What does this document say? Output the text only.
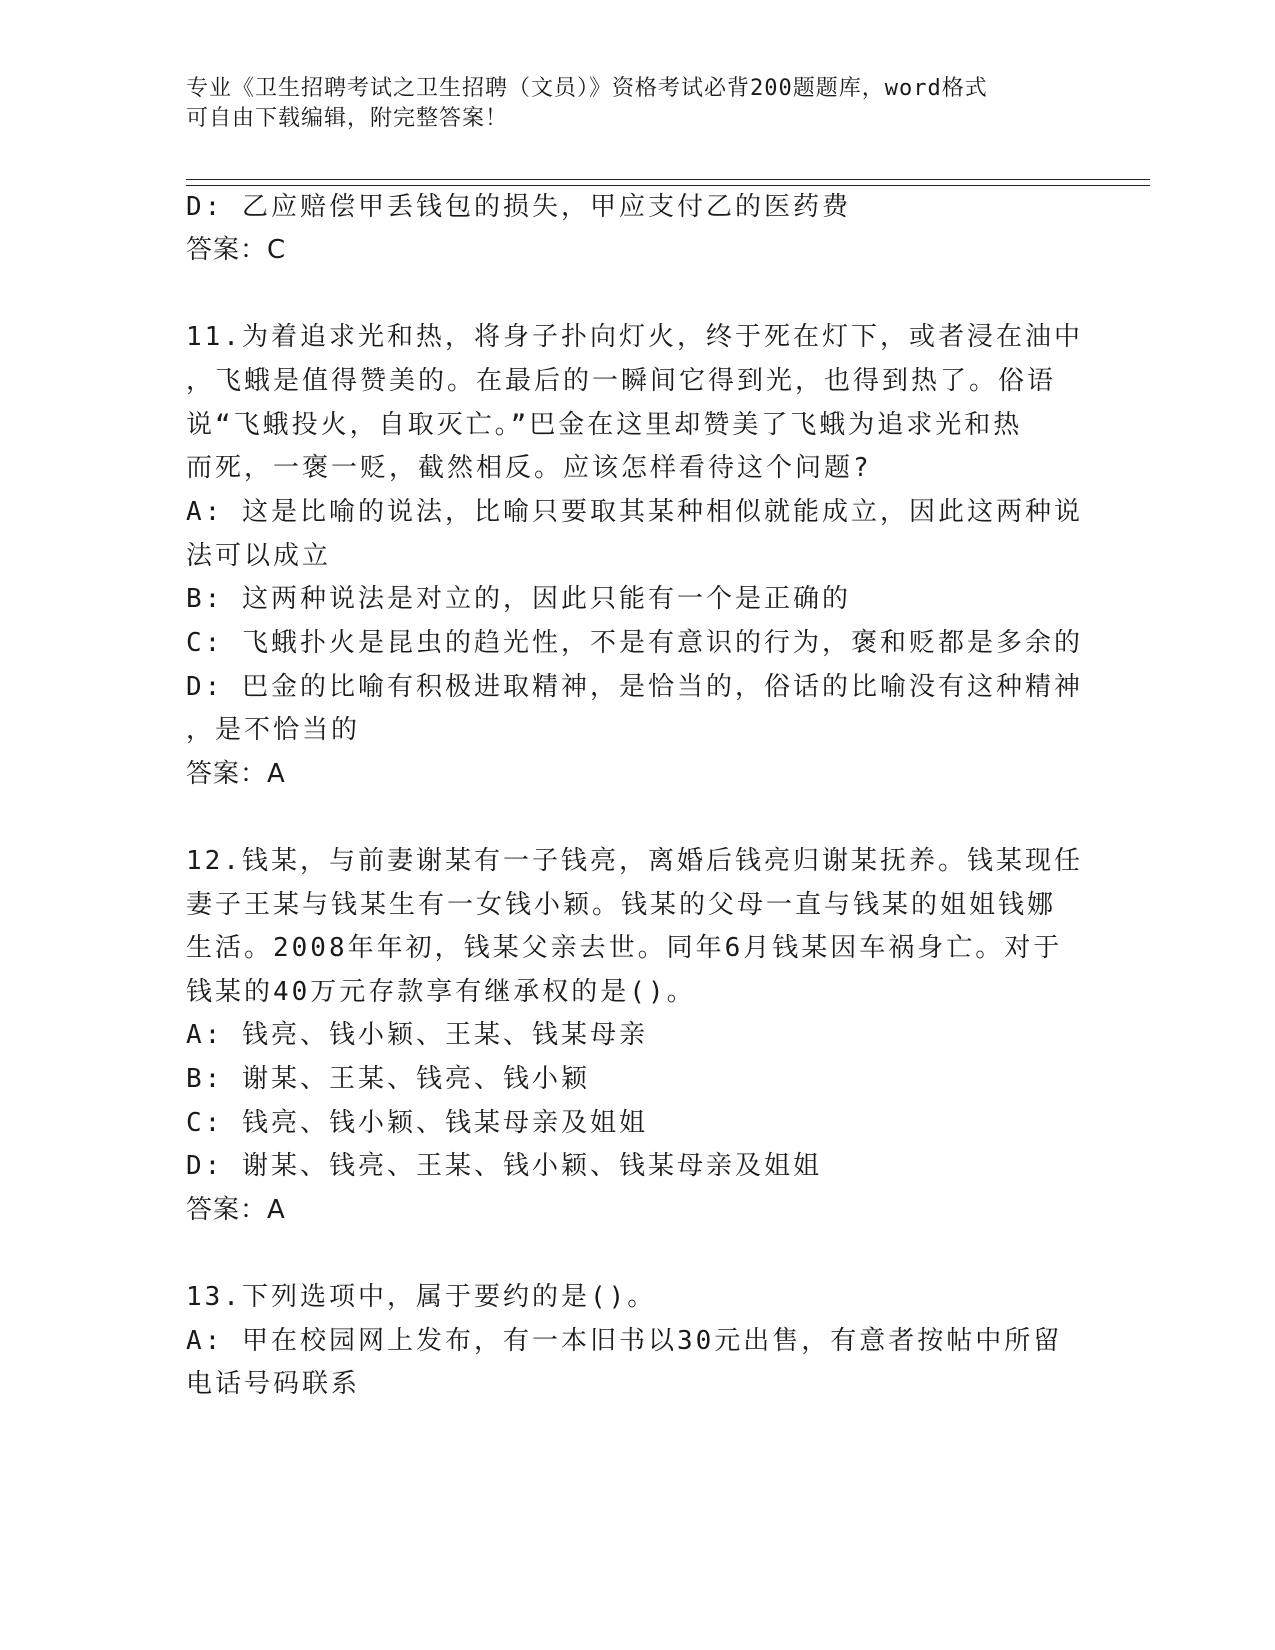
专业《卫生招聘考试之卫生招聘（文员）》资格考试必背200题题库，word格式
可自由下载编辑，附完整答案！
D: 乙应赔偿甲丢钱包的损失，甲应支付乙的医药费
答案：C
11.为着追求光和热，将身子扑向灯火，终于死在灯下，或者浸在油中
，飞蛾是值得赞美的。在最后的一瞬间它得到光，也得到热了。俗语
说“飞蛾投火，自取灭亡。”巴金在这里却赞美了飞蛾为追求光和热
而死，一褒一贬，截然相反。应该怎样看待这个问题?
A: 这是比喻的说法，比喻只要取其某种相似就能成立，因此这两种说
法可以成立
B: 这两种说法是对立的，因此只能有一个是正确的
C: 飞蛾扑火是昆虫的趋光性，不是有意识的行为，褒和贬都是多余的
D: 巴金的比喻有积极进取精神，是恰当的，俗话的比喻没有这种精神
，是不恰当的
答案：A
12.钱某，与前妻谢某有一子钱亮，离婚后钱亮归谢某抚养。钱某现任
妻子王某与钱某生有一女钱小颖。钱某的父母一直与钱某的姐姐钱娜
生活。2008年年初，钱某父亲去世。同年6月钱某因车祸身亡。对于
钱某的40万元存款享有继承权的是()。
A: 钱亮、钱小颖、王某、钱某母亲
B: 谢某、王某、钱亮、钱小颖
C: 钱亮、钱小颖、钱某母亲及姐姐
D: 谢某、钱亮、王某、钱小颖、钱某母亲及姐姐
答案：A
13.下列选项中，属于要约的是()。
A: 甲在校园网上发布，有一本旧书以30元出售，有意者按帖中所留
电话号码联系
